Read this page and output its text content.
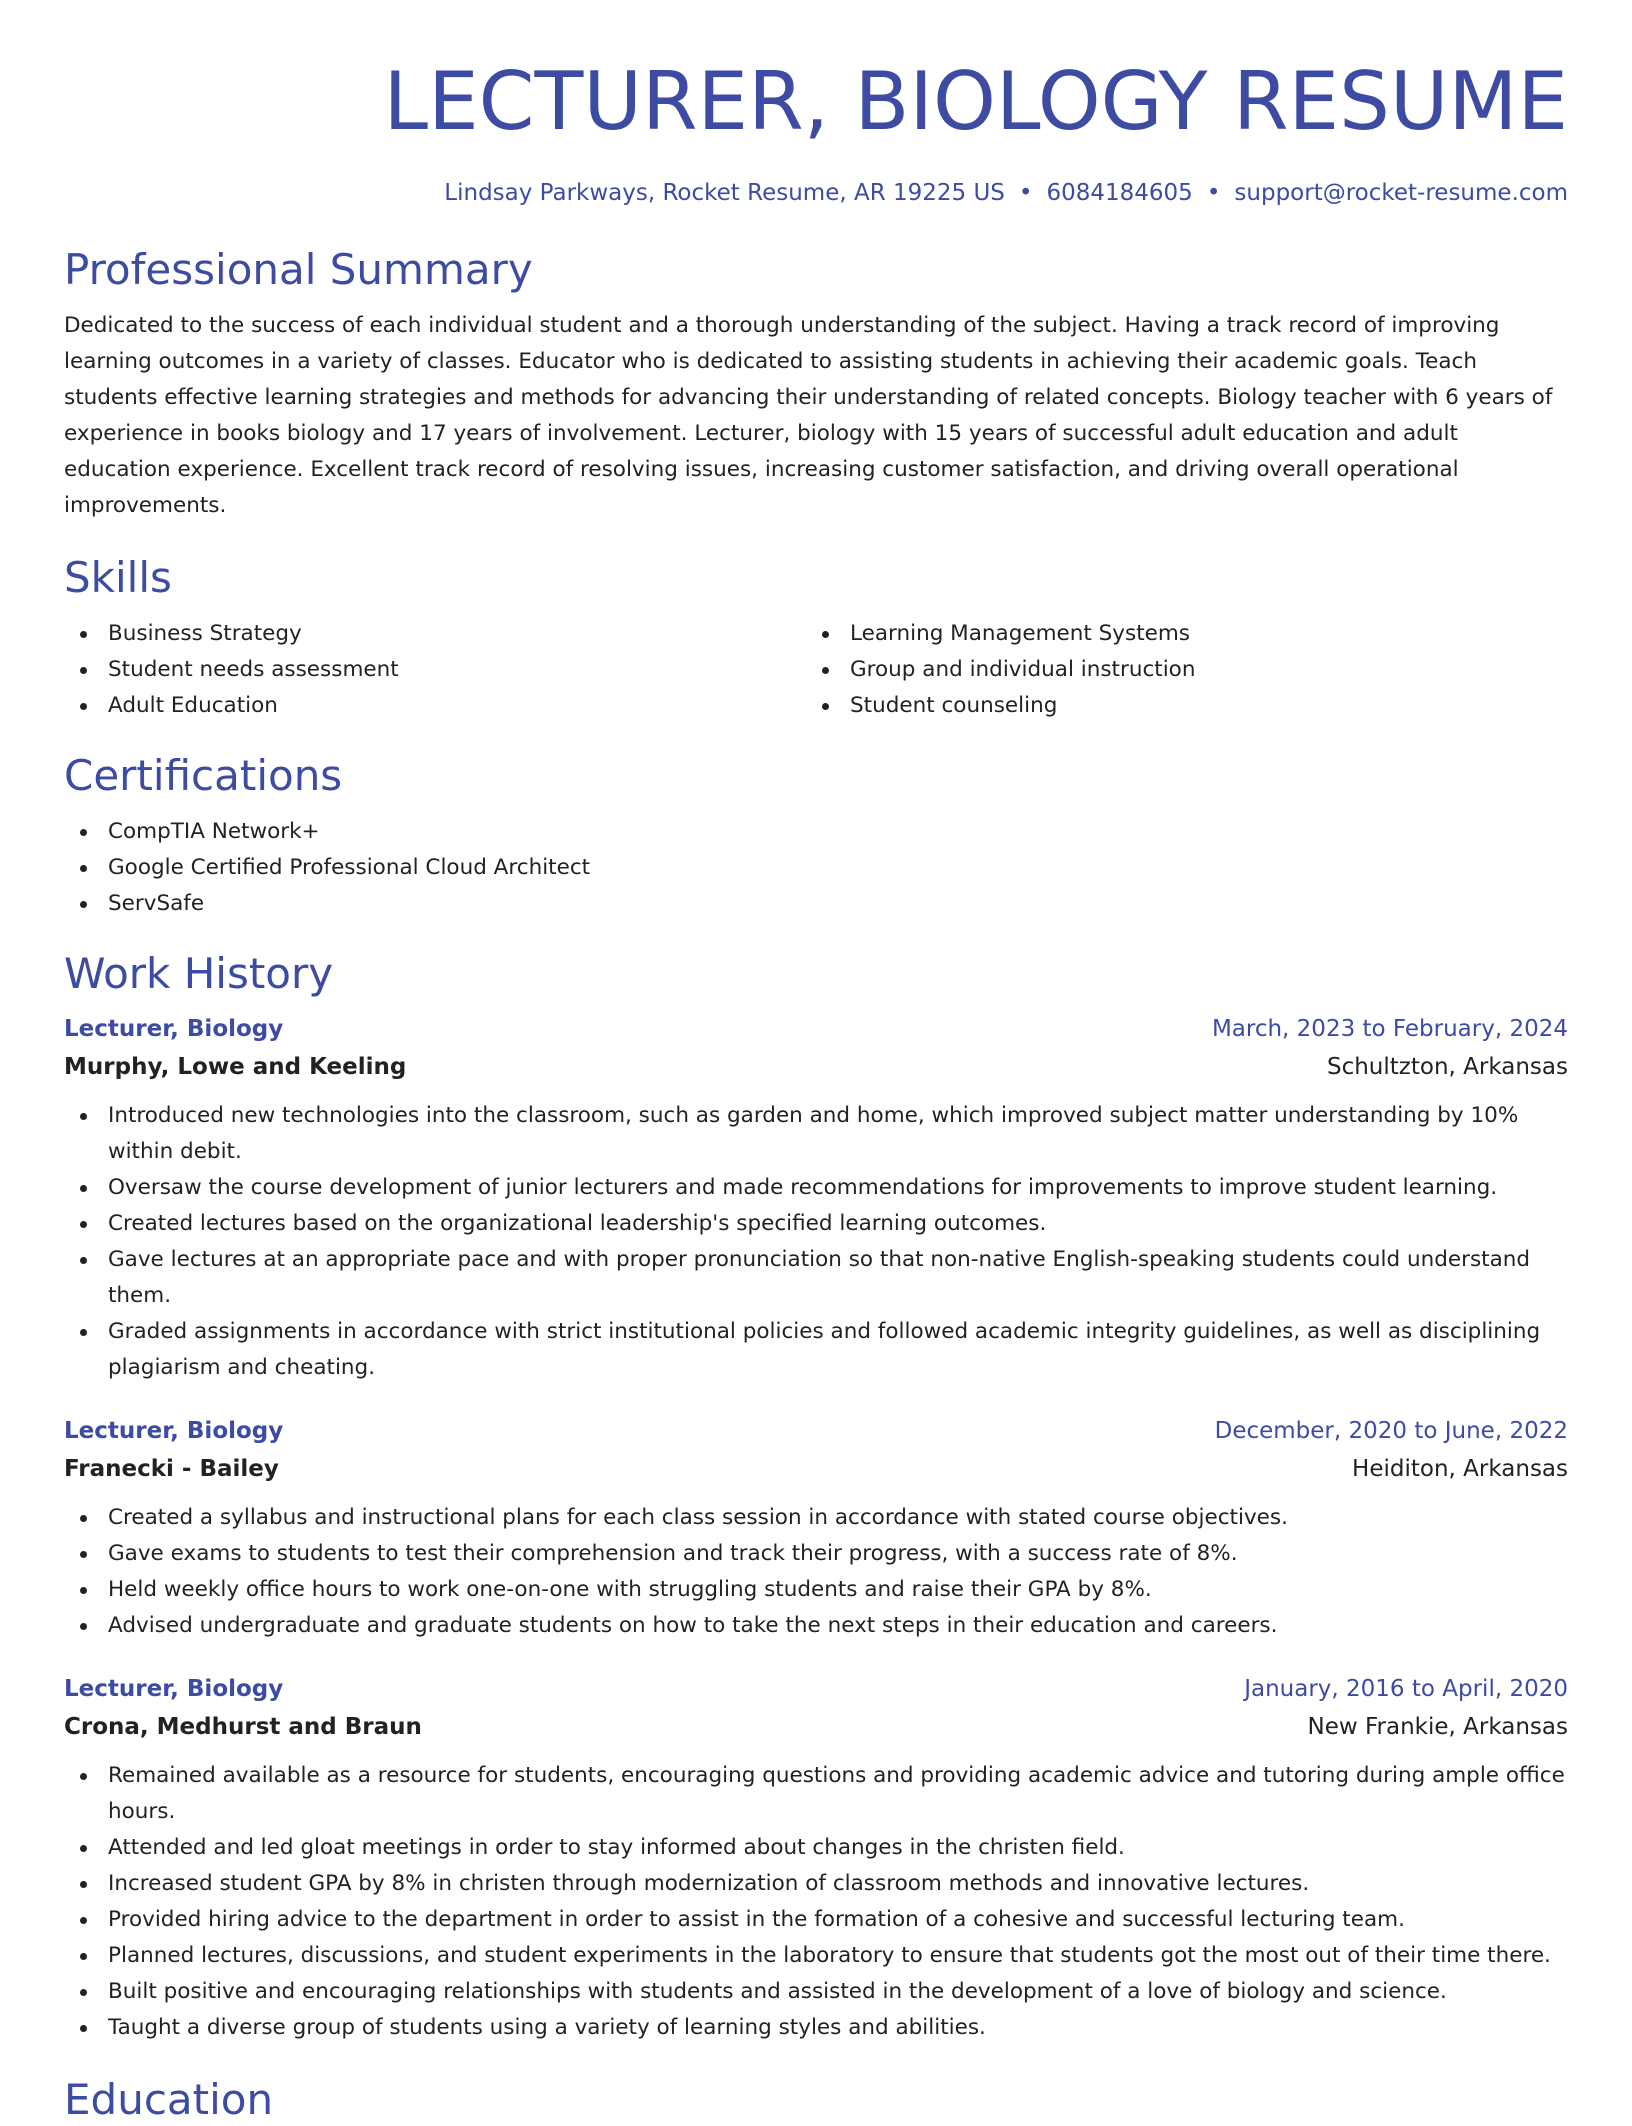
LECTURER, BIOLOGY RESUME
Lindsay Parkways, Rocket Resume, AR 19225 US • 6084184605 • support@rocket-resume.com
Professional Summary
Dedicated to the success of each individual student and a thorough understanding of the subject. Having a track record of improving learning outcomes in a variety of classes. Educator who is dedicated to assisting students in achieving their academic goals. Teach students effective learning strategies and methods for advancing their understanding of related concepts. Biology teacher with 6 years of experience in books biology and 17 years of involvement. Lecturer, biology with 15 years of successful adult education and adult education experience. Excellent track record of resolving issues, increasing customer satisfaction, and driving overall operational improvements.
Skills
Business Strategy
Student needs assessment
Adult Education
Learning Management Systems
Group and individual instruction
Student counseling
Certifications
CompTIA Network+
Google Certified Professional Cloud Architect
ServSafe
Work History
Lecturer, Biology	March, 2023 to February, 2024
Murphy, Lowe and Keeling	Schultzton, Arkansas
Introduced new technologies into the classroom, such as garden and home, which improved subject matter understanding by 10% within debit.
Oversaw the course development of junior lecturers and made recommendations for improvements to improve student learning.
Created lectures based on the organizational leadership's specified learning outcomes.
Gave lectures at an appropriate pace and with proper pronunciation so that non-native English-speaking students could understand them.
Graded assignments in accordance with strict institutional policies and followed academic integrity guidelines, as well as disciplining plagiarism and cheating.
Lecturer, Biology	December, 2020 to June, 2022
Franecki - Bailey	Heiditon, Arkansas
Created a syllabus and instructional plans for each class session in accordance with stated course objectives.
Gave exams to students to test their comprehension and track their progress, with a success rate of 8%.
Held weekly office hours to work one-on-one with struggling students and raise their GPA by 8%.
Advised undergraduate and graduate students on how to take the next steps in their education and careers.
Lecturer, Biology	January, 2016 to April, 2020
Crona, Medhurst and Braun	New Frankie, Arkansas
Remained available as a resource for students, encouraging questions and providing academic advice and tutoring during ample office hours.
Attended and led gloat meetings in order to stay informed about changes in the christen field.
Increased student GPA by 8% in christen through modernization of classroom methods and innovative lectures.
Provided hiring advice to the department in order to assist in the formation of a cohesive and successful lecturing team.
Planned lectures, discussions, and student experiments in the laboratory to ensure that students got the most out of their time there.
Built positive and encouraging relationships with students and assisted in the development of a love of biology and science.
Taught a diverse group of students using a variety of learning styles and abilities.
Education
